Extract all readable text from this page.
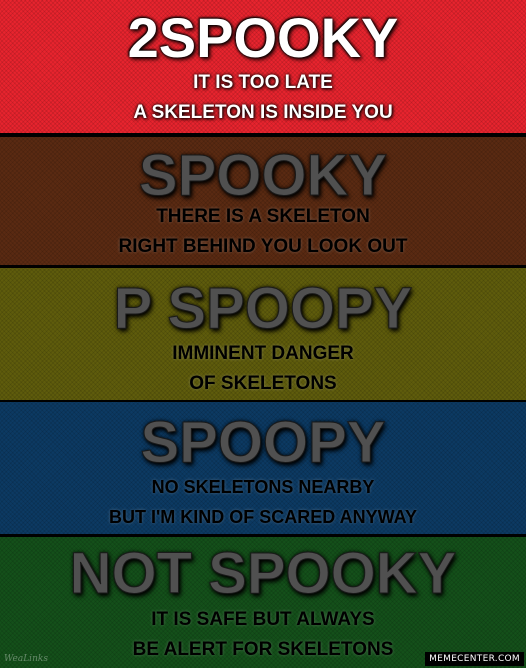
2SPOOKY
IT IS TOO LATE
A SKELETON IS INSIDE YOU
SPOOKY
THERE IS A SKELETON
RIGHT BEHIND YOU LOOK OUT
P SPOOPY
IMMINENT DANGER
OF SKELETONS
SPOOPY
NO SKELETONS NEARBY
BUT I'M KIND OF SCARED ANYWAY
NOT SPOOKY
IT IS SAFE BUT ALWAYS
BE ALERT FOR SKELETONS
WeaLinks	MEMECENTER.COM
